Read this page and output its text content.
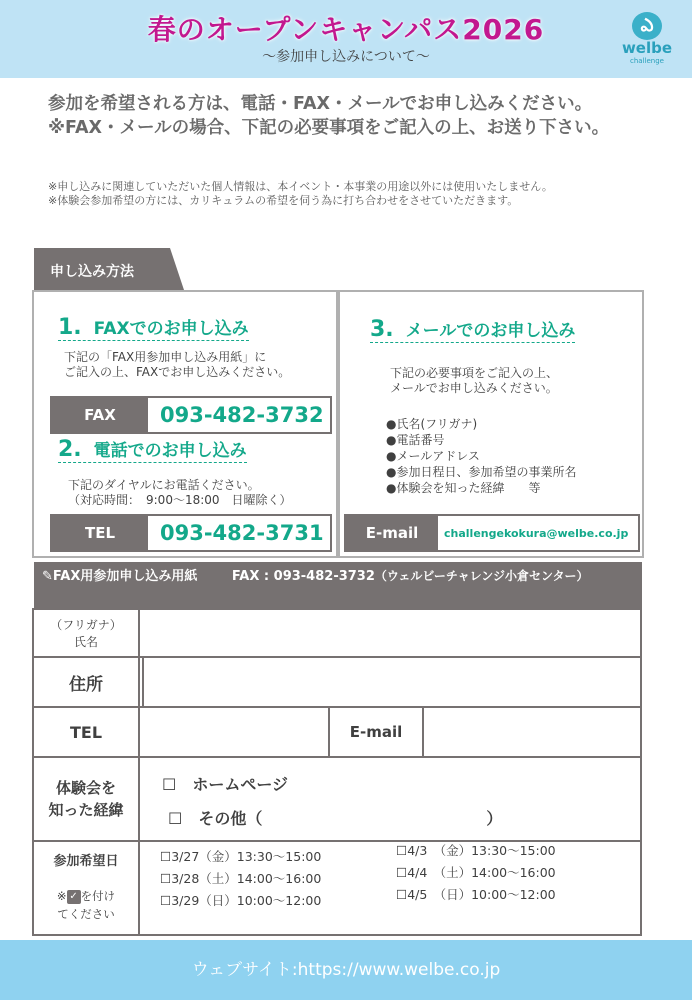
春のオープンキャンパス2026
～参加申し込みについて～
ఎ
welbe
challenge
参加を希望される方は、電話・FAX・メールでお申し込みください。
※FAX・メールの場合、下記の必要事項をご記入の上、お送り下さい。
※申し込みに関連していただいた個人情報は、本イベント・本事業の用途以外には使用いたしません。
※体験会参加希望の方には、カリキュラムの希望を伺う為に打ち合わせをさせていただきます。
申し込み方法
1. FAXでのお申し込み
下記の「FAX用参加申し込み用紙」に
ご記入の上、FAXでお申し込みください。
FAX	093-482-3732
2. 電話でのお申し込み
下記のダイヤルにお電話ください。
（対応時間：　9:00～18:00　日曜除く）
TEL	093-482-3731
3. メールでのお申し込み
下記の必要事項をご記入の上、
メールでお申し込みください。
●氏名(フリガナ)
●電話番号
●メールアドレス
●参加日程日、参加希望の事業所名
●体験会を知った経緯　　等
E-mail	challengekokura@welbe.co.jp
✎FAX用参加申し込み用紙	FAX : 093-482-3732（ウェルビーチャレンジ小倉センター）
（フリガナ）
氏名
住所
TEL	E-mail
体験会を
知った経緯
☐　ホームページ
☐　その他（　　　　　　　　　　　　　　）
参加希望日
※ ✓ を付け
てください
☐3/27（金）13:30～15:00
☐3/28（土）14:00～16:00
☐3/29（日）10:00～12:00
☐4/3　（金）13:30～15:00
☐4/4　（土）14:00～16:00
☐4/5　（日）10:00～12:00
ウェブサイト:https://www.welbe.co.jp
